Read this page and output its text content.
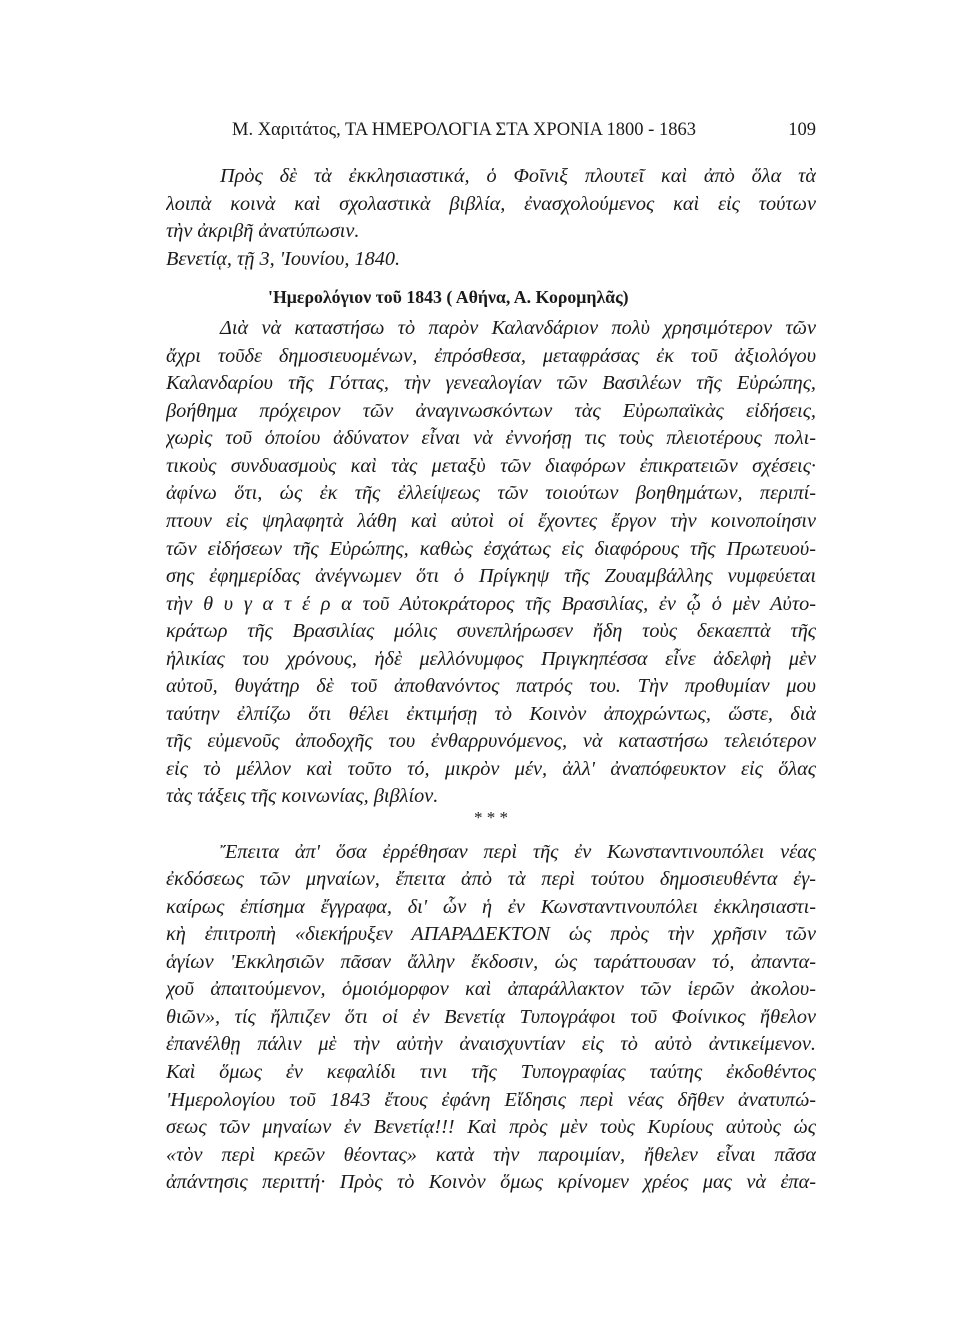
Μ. Χαριτάτος, ΤΑ ΗΜΕΡΟΛΟΓΙΑ ΣΤΑ ΧΡΟΝΙΑ 1800 - 1863	109
Πρὸς δὲ τὰ ἐκκλησιαστικά, ὁ Φοῖνιξ πλουτεῖ καὶ ἀπὸ ὅλα τὰ
λοιπὰ κοινὰ καὶ σχολαστικὰ βιβλία, ἐνασχολούμενος καὶ εἰς τούτων
τὴν ἀκριβῆ ἀνατύπωσιν.
Βενετίᾳ, τῇ 3, 'Ιουνίου, 1840.
'Ημερολόγιον τοῦ 1843 ( Αθήνα, Α. Κορομηλᾶς)
Διὰ νὰ καταστήσω τὸ παρὸν Καλανδάριον πολὺ χρησιμότερον τῶν
ἄχρι τοῦδε δημοσιευομένων, ἐπρόσθεσα, μεταφράσας ἐκ τοῦ ἀξιολόγου
Καλανδαρίου τῆς Γόττας, τὴν γενεαλογίαν τῶν Βασιλέων τῆς Εὐρώπης,
βοήθημα πρόχειρον τῶν ἀναγινωσκόντων τὰς Εὐρωπαϊκὰς εἰδήσεις,
χωρὶς τοῦ ὁποίου ἀδύνατον εἶναι νὰ ἐννοήσῃ τις τοὺς πλειοτέρους πολι-
τικοὺς συνδυασμοὺς καὶ τὰς μεταξὺ τῶν διαφόρων ἐπικρατειῶν σχέσεις·
ἀφίνω ὅτι, ὡς ἐκ τῆς ἐλλείψεως τῶν τοιούτων βοηθημάτων, περιπί-
πτουν εἰς ψηλαφητὰ λάθη καὶ αὐτοὶ οἱ ἔχοντες ἔργον τὴν κοινοποίησιν
τῶν εἰδήσεων τῆς Εὐρώπης, καθὼς ἐσχάτως εἰς διαφόρους τῆς Πρωτευού-
σης ἐφημερίδας ἀνέγνωμεν ὅτι ὁ Πρίγκηψ τῆς Ζουαμβάλλης νυμφεύεται
τὴν θ υ γ α τ έ ρ α τοῦ Αὐτοκράτορος τῆς Βρασιλίας, ἐν ᾧ ὁ μὲν Αὐτο-
κράτωρ τῆς Βρασιλίας μόλις συνεπλήρωσεν ἤδη τοὺς δεκαεπτὰ τῆς
ἡλικίας του χρόνους, ἡδὲ μελλόνυμφος Πριγκηπέσσα εἶνε ἀδελφὴ μὲν
αὐτοῦ, θυγάτηρ δὲ τοῦ ἀποθανόντος πατρός του. Τὴν προθυμίαν μου
ταύτην ἐλπίζω ὅτι θέλει ἐκτιμήσῃ τὸ Κοινὸν ἀποχρώντως, ὥστε, διὰ
τῆς εὐμενοῦς ἀποδοχῆς του ἐνθαρρυνόμενος, νὰ καταστήσω τελειότερον
εἰς τὸ μέλλον καὶ τοῦτο τό, μικρὸν μέν, ἀλλ' ἀναπόφευκτον εἰς ὅλας
τὰς τάξεις τῆς κοινωνίας, βιβλίον.
* * *
Ἔπειτα ἀπ' ὅσα ἐρρέθησαν περὶ τῆς ἐν Κωνσταντινουπόλει νέας
ἐκδόσεως τῶν μηναίων, ἔπειτα ἀπὸ τὰ περὶ τούτου δημοσιευθέντα ἐγ-
καίρως ἐπίσημα ἔγγραφα, δι' ὧν ἡ ἐν Κωνσταντινουπόλει ἐκκλησιαστι-
κὴ ἐπιτροπὴ «διεκήρυξεν ΑΠΑΡΑΔΕΚΤΟΝ ὡς πρὸς τὴν χρῆσιν τῶν
ἁγίων 'Εκκλησιῶν πᾶσαν ἄλλην ἔκδοσιν, ὡς ταράττουσαν τό, ἀπαντα-
χοῦ ἀπαιτούμενον, ὁμοιόμορφον καὶ ἀπαράλλακτον τῶν ἱερῶν ἀκολου-
θιῶν», τίς ἤλπιζεν ὅτι οἱ ἐν Βενετίᾳ Τυπογράφοι τοῦ Φοίνικος ἤθελον
ἐπανέλθῃ πάλιν μὲ τὴν αὐτὴν ἀναισχυντίαν εἰς τὸ αὐτὸ ἀντικείμενον.
Καὶ ὅμως ἐν κεφαλίδι τινι τῆς Τυπογραφίας ταύτης ἐκδοθέντος
'Ημερολογίου τοῦ 1843 ἔτους ἐφάνη Εἴδησις περὶ νέας δῆθεν ἀνατυπώ-
σεως τῶν μηναίων ἐν Βενετίᾳ!!! Καὶ πρὸς μὲν τοὺς Κυρίους αὐτοὺς ὡς
«τὸν περὶ κρεῶν θέοντας» κατὰ τὴν παροιμίαν, ἤθελεν εἶναι πᾶσα
ἀπάντησις περιττή· Πρὸς τὸ Κοινὸν ὅμως κρίνομεν χρέος μας νὰ ἐπα-
